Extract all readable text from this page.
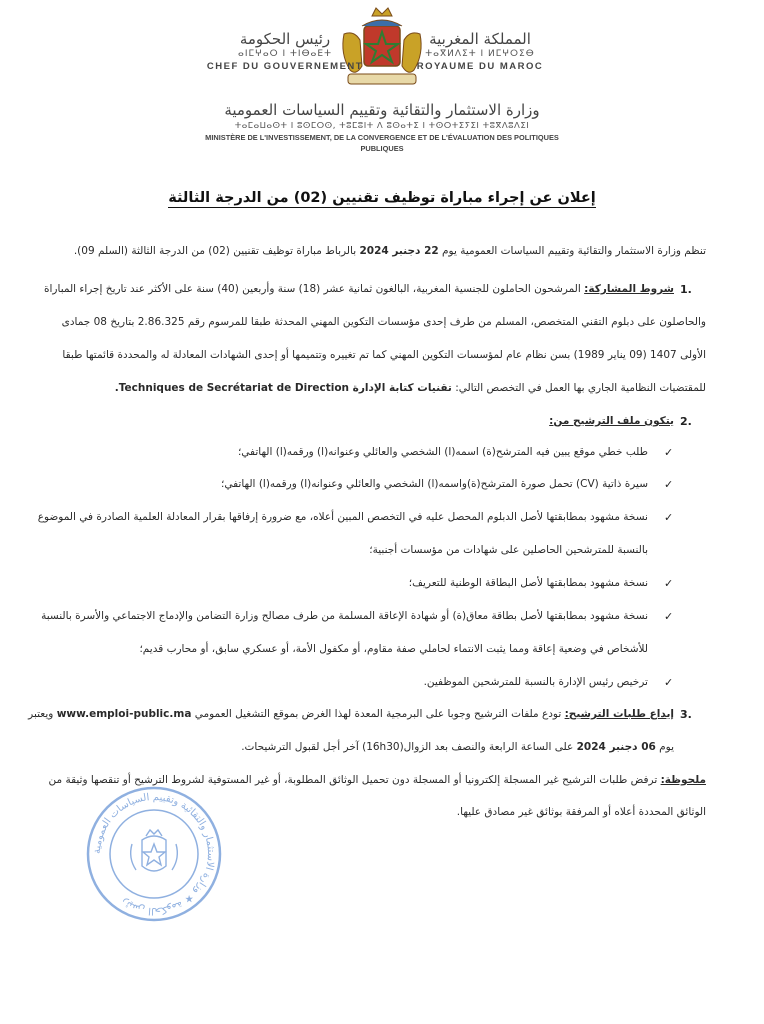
المملكة المغربية
ⵜⴰⴳⵍⴷⵉⵜ ⵏ ⵍⵎⵖⵔⵉⴱ
ROYAUME DU MAROC
رئيس الحكومة
ⴰⵏⵎⵖⴰⵔ ⵏ ⵜⵏⴱⴰⴹⵜ
CHEF DU GOUVERNEMENT
وزارة الاستثمار والتقائية وتقييم السياسات العمومية
ⵜⴰⵎⴰⵡⴰⵙⵜ ⵏ ⵓⵙⵎⵔⵙ, ⵜⵓⵎⵓⵏⵜ ⴷ ⵓⵙⴰⵜⵉ ⵏ ⵜⵙⵔⵜⵉⵢⵉⵏ ⵜⵓⴳⴷⵓⴷⵉⵏ
MINISTÈRE DE L'INVESTISSEMENT, DE LA CONVERGENCE ET DE L'ÉVALUATION DES POLITIQUES PUBLIQUES
إعلان عن إجراء مباراة توظيف تقنيين (02) من الدرجة الثالثة
تنظم وزارة الاستثمار والتقائية وتقييم السياسات العمومية يوم 22 دجنبر 2024 بالرباط مباراة توظيف تقنيين (02) من الدرجة الثالثة (السلم 09).
1.
شروط المشاركة: المرشحون الحاملون للجنسية المغربية، البالغون ثمانية عشر (18) سنة وأربعين (40) سنة على الأكثر عند تاريخ إجراء المباراة
والحاصلون على دبلوم التقني المتخصص، المسلم من طرف إحدى مؤسسات التكوين المهني المحدثة طبقا للمرسوم رقم 2.86.325 بتاريخ 08 جمادى
الأولى 1407 (09 يناير 1989) بسن نظام عام لمؤسسات التكوين المهني كما تم تغييره وتتميمها أو إحدى الشهادات المعادلة له والمحددة قائمتها طبقا
للمقتضيات النظامية الجاري بها العمل في التخصص التالي: تقنيات كتابة الإدارة Techniques de Secrétariat de Direction.
2.
يتكون ملف الترشيح من:
✓
طلب خطي موقع يبين فيه المترشح(ة) اسمه(ا) الشخصي والعائلي وعنوانه(ا) ورقمه(ا) الهاتفي؛
✓
سيرة ذاتية (CV) تحمل صورة المترشح(ة)واسمه(ا) الشخصي والعائلي وعنوانه(ا) ورقمه(ا) الهاتفي؛
✓
نسخة مشهود بمطابقتها لأصل الدبلوم المحصل عليه في التخصص المبين أعلاه، مع ضرورة إرفاقها بقرار المعادلة العلمية الصادرة في الموضوع
بالنسبة للمترشحين الحاصلين على شهادات من مؤسسات أجنبية؛
✓
نسخة مشهود بمطابقتها لأصل البطاقة الوطنية للتعريف؛
✓
نسخة مشهود بمطابقتها لأصل بطاقة معاق(ة) أو شهادة الإعاقة المسلمة من طرف مصالح وزارة التضامن والإدماج الاجتماعي والأسرة بالنسبة
للأشخاص في وضعية إعاقة ومما يثبت الانتماء لحاملي صفة مقاوم، أو مكفول الأمة، أو عسكري سابق، أو محارب قديم؛
✓
ترخيص رئيس الإدارة بالنسبة للمترشحين الموظفين.
3.
إيداع طلبات الترشيح: تودع ملفات الترشيح وجوبا على البرمجية المعدة لهذا الغرض بموقع التشغيل العمومي www.emploi-public.ma ويعتبر
يوم 06 دجنبر 2024 على الساعة الرابعة والنصف بعد الزوال(16h30) آخر أجل لقبول الترشيحات.
ملحوظة: ترفض طلبات الترشيح غير المسجلة إلكترونيا أو المسجلة دون تحميل الوثائق المطلوبة، أو غير المستوفية لشروط الترشيح أو تنقصها وثيقة من
الوثائق المحددة أعلاه أو المرفقة بوثائق غير مصادق عليها.
رئيس الحكومة ★ وزارة الاستثمار والتقائية وتقييم السياسات العمومية
